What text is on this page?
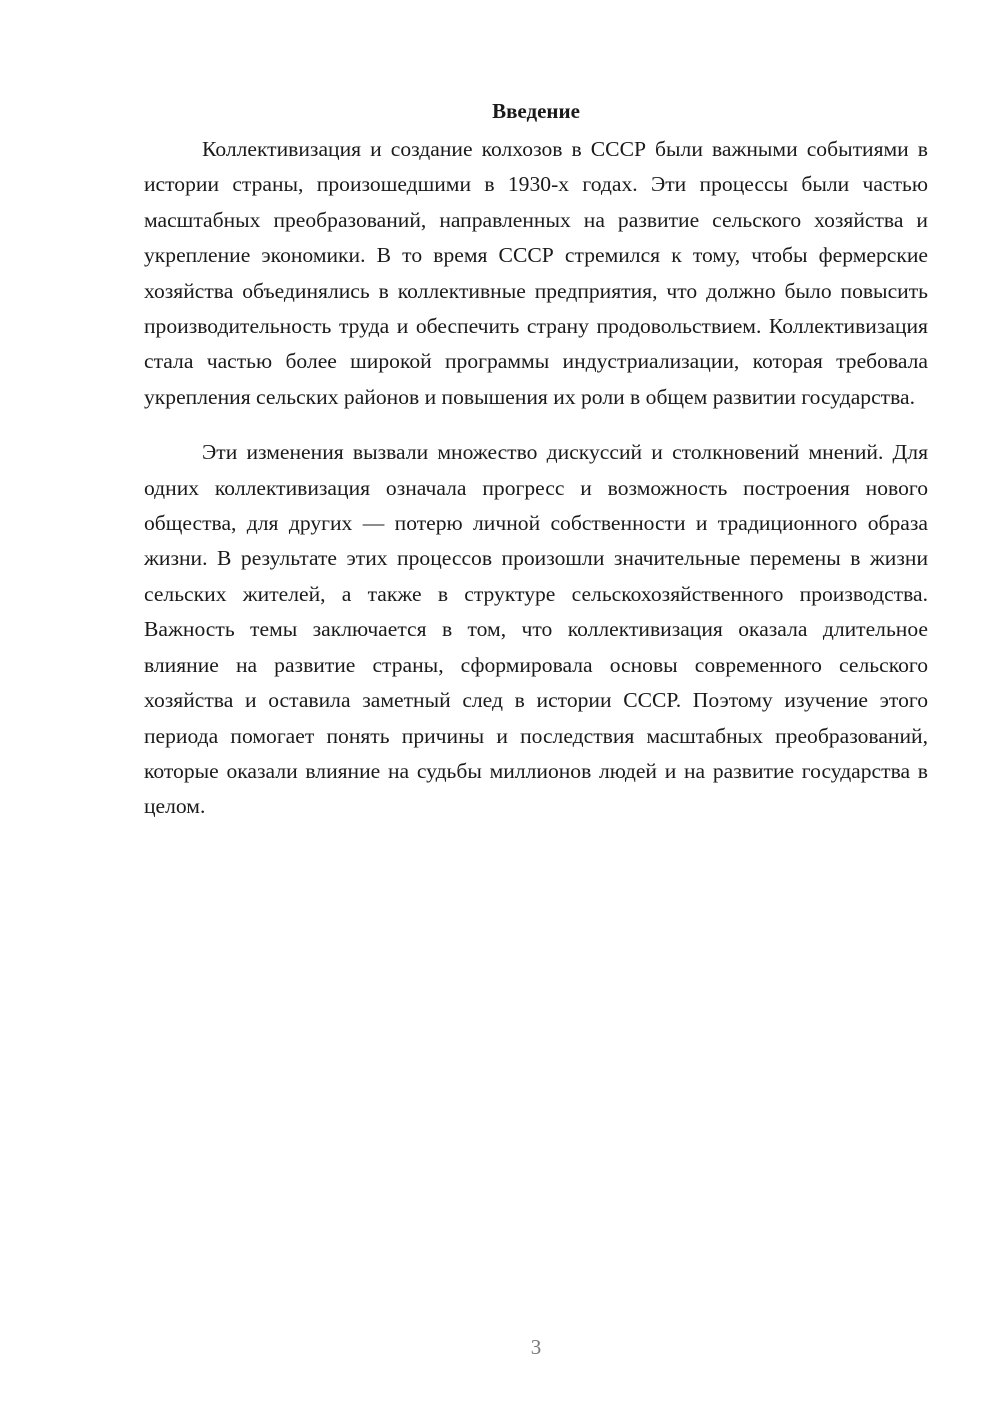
Введение

Коллективизация и создание колхозов в СССР были важными событиями в истории страны, произошедшими в 1930-х годах. Эти процессы были частью масштабных преобразований, направленных на развитие сельского хозяйства и укрепление экономики. В то время СССР стремился к тому, чтобы фермерские хозяйства объединялись в коллективные предприятия, что должно было повысить производительность труда и обеспечить страну продовольствием. Коллективизация стала частью более широкой программы индустриализации, которая требовала укрепления сельских районов и повышения их роли в общем развитии государства.

Эти изменения вызвали множество дискуссий и столкновений мнений. Для одних коллективизация означала прогресс и возможность построения нового общества, для других — потерю личной собственности и традиционного образа жизни. В результате этих процессов произошли значительные перемены в жизни сельских жителей, а также в структуре сельскохозяйственного производства. Важность темы заключается в том, что коллективизация оказала длительное влияние на развитие страны, сформировала основы современного сельского хозяйства и оставила заметный след в истории СССР. Поэтому изучение этого периода помогает понять причины и последствия масштабных преобразований, которые оказали влияние на судьбы миллионов людей и на развитие государства в целом.

3
